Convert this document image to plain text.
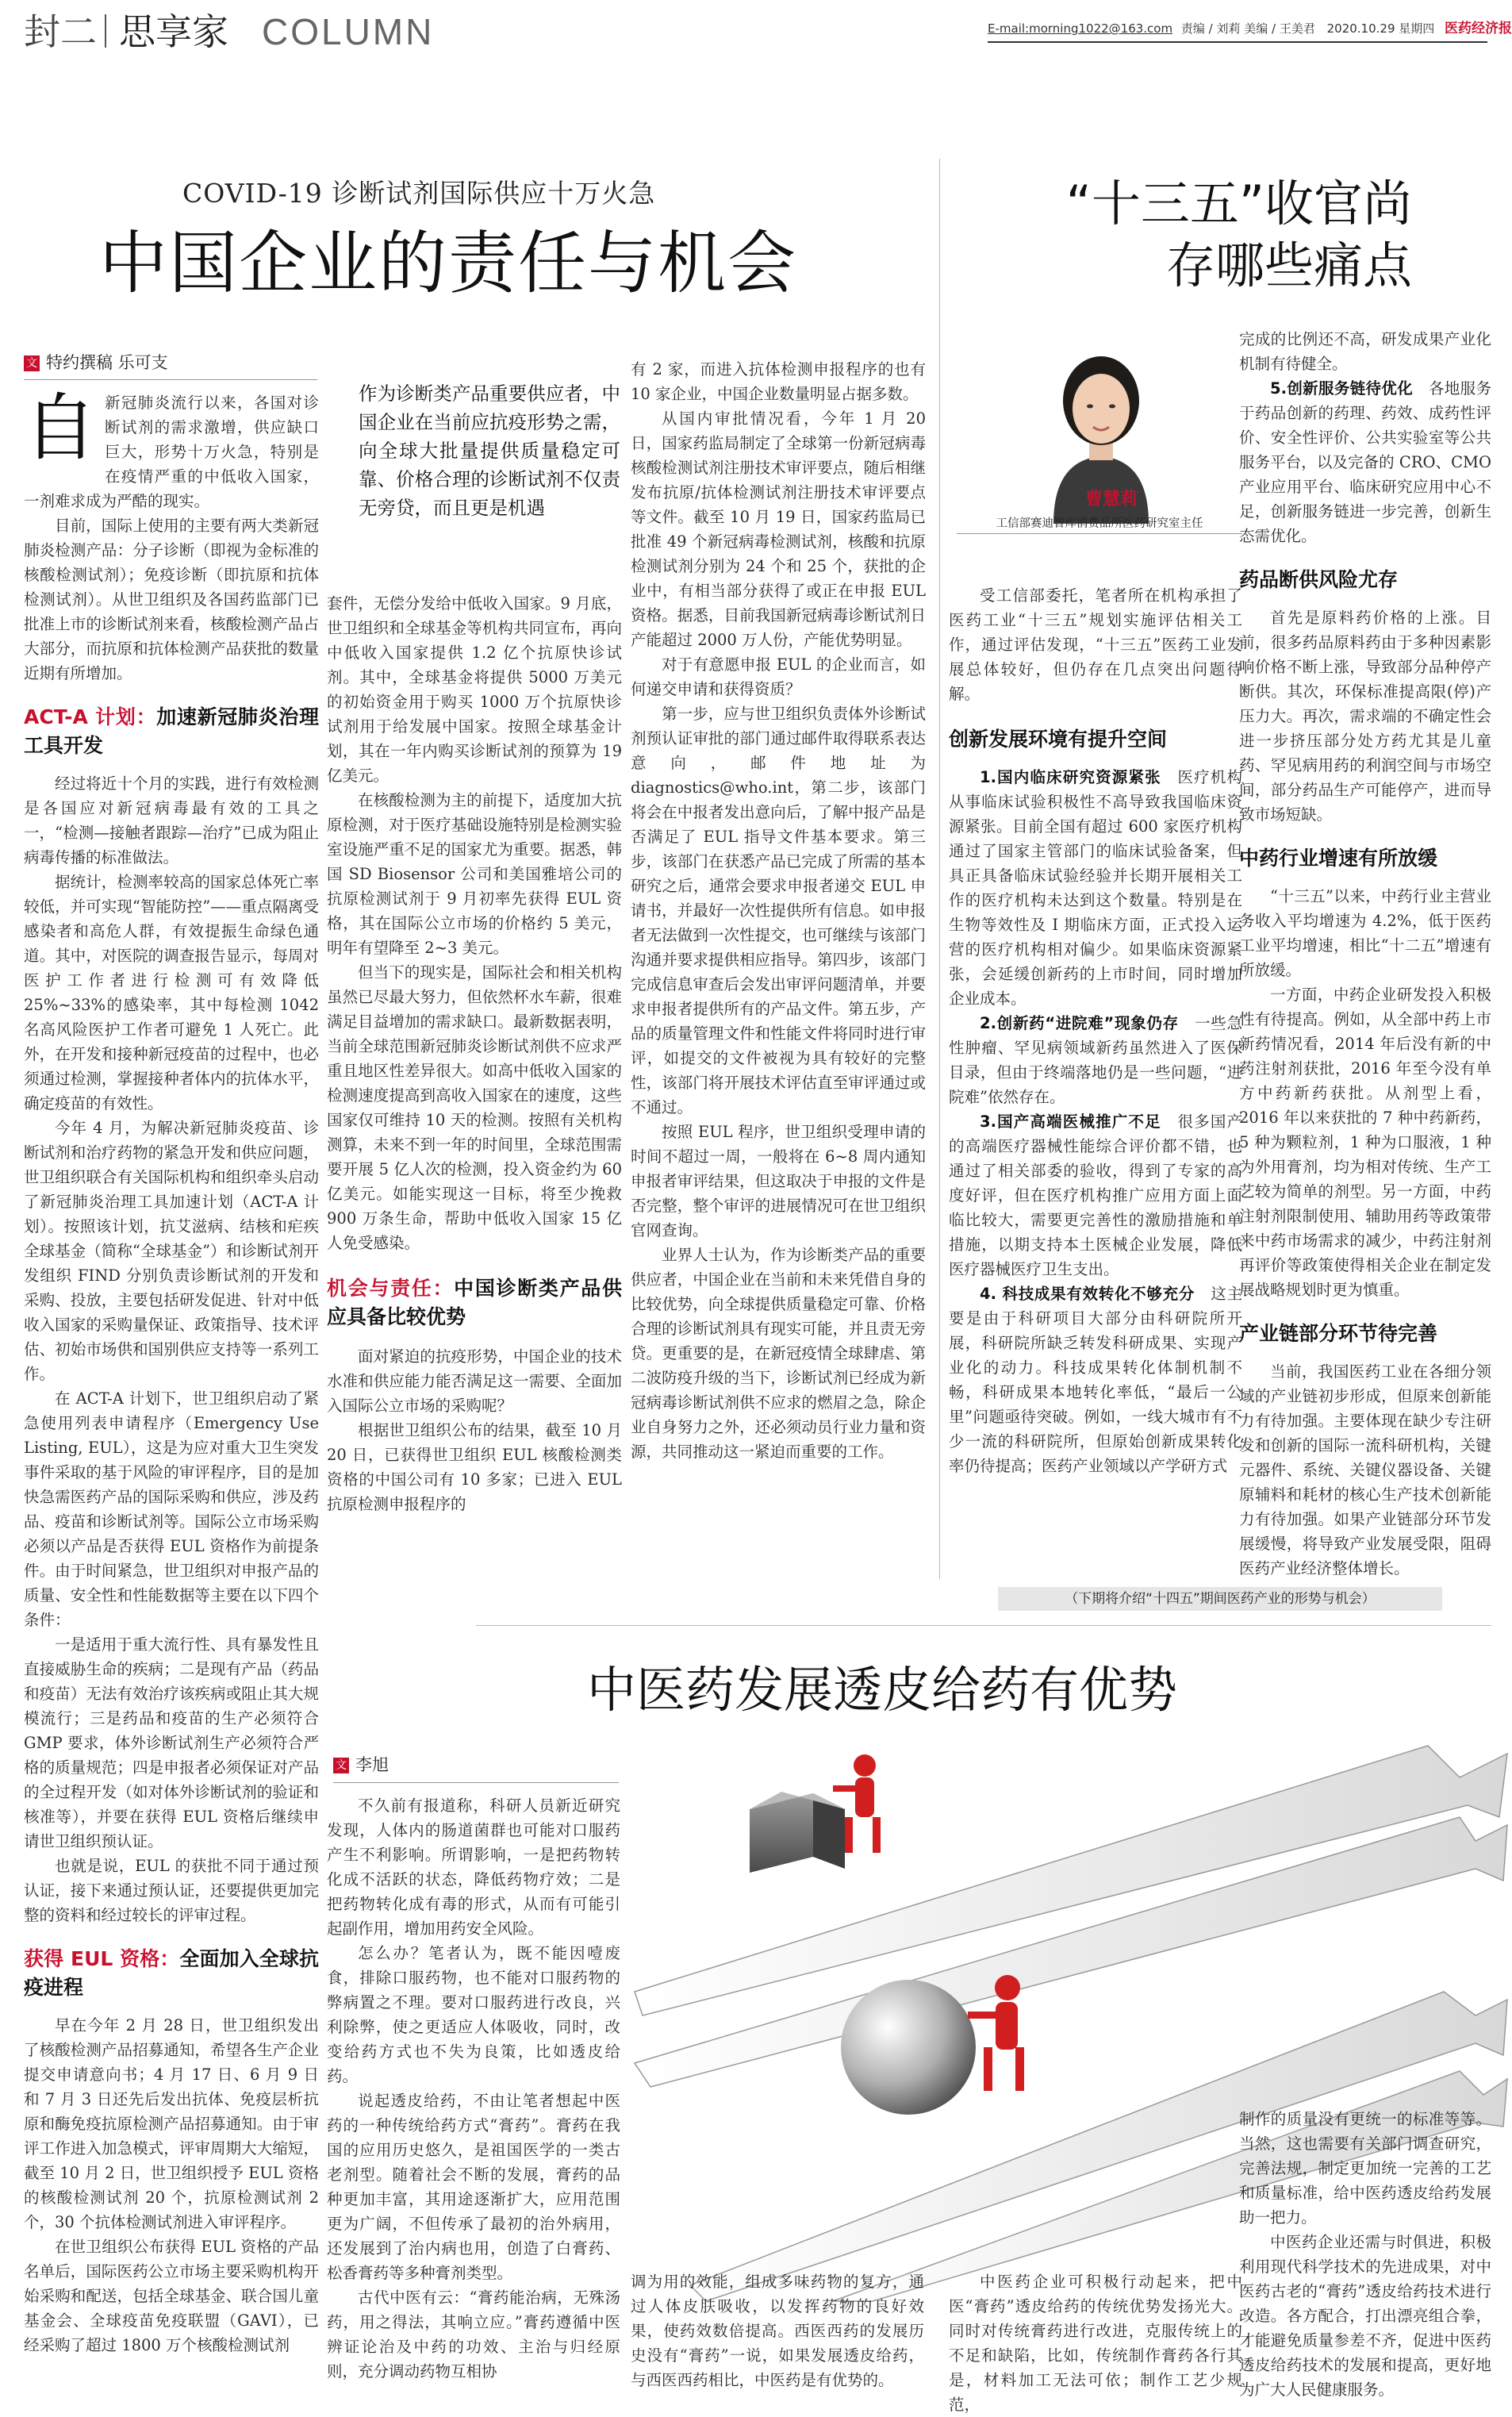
封二 思享家 COLUMN	E-mail:morning1022@163.com 责编 / 刘莉 美编 / 王美君 2020.10.29 星期四 医药经济报
COVID-19 诊断试剂国际供应十万火急
中国企业的责任与机会
文 特约撰稿 乐可支
自新冠肺炎流行以来，各国对诊断试剂的需求激增，供应缺口巨大，形势十万火急，特别是在疫情严重的中低收入国家，一剂难求成为严酷的现实。

目前，国际上使用的主要有两大类新冠肺炎检测产品：分子诊断（即视为金标准的核酸检测试剂）；免疫诊断（即抗原和抗体检测试剂）。从世卫组织及各国药监部门已批准上市的诊断试剂来看，核酸检测产品占大部分，而抗原和抗体检测产品获批的数量近期有所增加。

ACT-A 计划：加速新冠肺炎治理工具开发

经过将近十个月的实践，进行有效检测是各国应对新冠病毒最有效的工具之一，“检测—接触者跟踪—治疗”已成为阻止病毒传播的标准做法。

据统计，检测率较高的国家总体死亡率较低，并可实现“智能防控”——重点隔离受感染者和高危人群，有效提振生命绿色通道。其中，对医院的调查报告显示，每周对医护工作者进行检测可有效降低 25%~33%的感染率，其中每检测 1042 名高风险医护工作者可避免 1 人死亡。此外，在开发和接种新冠疫苗的过程中，也必须通过检测，掌握接种者体内的抗体水平，确定疫苗的有效性。

今年 4 月，为解决新冠肺炎疫苗、诊断试剂和治疗药物的紧急开发和供应问题，世卫组织联合有关国际机构和组织牵头启动了新冠肺炎治理工具加速计划（ACT-A 计划）。按照该计划，抗艾滋病、结核和疟疾全球基金（简称“全球基金”）和诊断试剂开发组织 FIND 分别负责诊断试剂的开发和采购、投放，主要包括研发促进、针对中低收入国家的采购量保证、政策指导、技术评估、初始市场供和国别供应支持等一系列工作。

在 ACT-A 计划下，世卫组织启动了紧急使用列表申请程序（Emergency Use Listing, EUL），这是为应对重大卫生突发事件采取的基于风险的审评程序，目的是加快急需医药产品的国际采购和供应，涉及药品、疫苗和诊断试剂等。国际公立市场采购必须以产品是否获得 EUL 资格作为前提条件。由于时间紧急，世卫组织对申报产品的质量、安全性和性能数据等主要在以下四个条件：

一是适用于重大流行性、具有暴发性且直接威胁生命的疾病；二是现有产品（药品和疫苗）无法有效治疗该疾病或阻止其大规模流行；三是药品和疫苗的生产必须符合 GMP 要求，体外诊断试剂生产必须符合严格的质量规范；四是申报者必须保证对产品的全过程开发（如对体外诊断试剂的验证和核准等），并要在获得 EUL 资格后继续申请世卫组织预认证。

也就是说，EUL 的获批不同于通过预认证，接下来通过预认证，还要提供更加完整的资料和经过较长的评审过程。

获得 EUL 资格：全面加入全球抗疫进程

早在今年 2 月 28 日，世卫组织发出了核酸检测产品招募通知，希望各生产企业提交申请意向书；4 月 17 日、6 月 9 日和 7 月 3 日还先后发出抗体、免疫层析抗原和酶免疫抗原检测产品招募通知。由于审评工作进入加急模式，评审周期大大缩短，截至 10 月 2 日，世卫组织授予 EUL 资格的核酸检测试剂 20 个，抗原检测试剂 2 个，30 个抗体检测试剂进入审评程序。

在世卫组织公布获得 EUL 资格的产品名单后，国际医药公立市场主要采购机构开始采购和配送，包括全球基金、联合国儿童基金会、全球疫苗免疫联盟（GAVI），已经采购了超过 1800 万个核酸检测试剂

作为诊断类产品重要供应者，中国企业在当前应抗疫形势之需，向全球大批量提供质量稳定可靠、价格合理的诊断试剂不仅责无旁贷，而且更是机遇

套件，无偿分发给中低收入国家。9 月底，世卫组织和全球基金等机构共同宣布，再向中低收入国家提供 1.2 亿个抗原快诊试剂。其中，全球基金将提供 5000 万美元的初始资金用于购买 1000 万个抗原快诊试剂用于给发展中国家。按照全球基金计划，其在一年内购买诊断试剂的预算为 19 亿美元。

在核酸检测为主的前提下，适度加大抗原检测，对于医疗基础设施特别是检测实验室设施严重不足的国家尤为重要。据悉，韩国 SD Biosensor 公司和美国雅培公司的抗原检测试剂于 9 月初率先获得 EUL 资格，其在国际公立市场的价格约 5 美元，明年有望降至 2~3 美元。

但当下的现实是，国际社会和相关机构虽然已尽最大努力，但依然杯水车薪，很难满足目益增加的需求缺口。最新数据表明，当前全球范围新冠肺炎诊断试剂供不应求严重且地区性差异很大。如高中低收入国家的检测速度提高到高收入国家在的速度，这些国家仅可维持 10 天的检测。按照有关机构测算，未来不到一年的时间里，全球范围需要开展 5 亿人次的检测，投入资金约为 60 亿美元。如能实现这一目标，将至少挽救 900 万条生命，帮助中低收入国家 15 亿人免受感染。

机会与责任：中国诊断类产品供应具备比较优势

面对紧迫的抗疫形势，中国企业的技术水准和供应能力能否满足这一需要、全面加入国际公立市场的采购呢？

根据世卫组织公布的结果，截至 10 月 20 日，已获得世卫组织 EUL 核酸检测类资格的中国公司有 10 多家；已进入 EUL 抗原检测申报程序的

有 2 家，而进入抗体检测申报程序的也有 10 家企业，中国企业数量明显占据多数。

从国内审批情况看，今年 1 月 20 日，国家药监局制定了全球第一份新冠病毒核酸检测试剂注册技术审评要点，随后相继发布抗原/抗体检测试剂注册技术审评要点等文件。截至 10 月 19 日，国家药监局已批准 49 个新冠病毒检测试剂，核酸和抗原检测试剂分别为 24 个和 25 个，获批的企业中，有相当部分获得了或正在申报 EUL 资格。据悉，目前我国新冠病毒诊断试剂日产能超过 2000 万人份，产能优势明显。

对于有意愿申报 EUL 的企业而言，如何递交申请和获得资质？

第一步，应与世卫组织负责体外诊断试剂预认证审批的部门通过邮件取得联系表达意向，邮件地址为 diagnostics@who.int，第二步，该部门将会在中报者发出意向后，了解中报产品是否满足了 EUL 指导文件基本要求。第三步，该部门在获悉产品已完成了所需的基本研究之后，通常会要求申报者递交 EUL 申请书，并最好一次性提供所有信息。如申报者无法做到一次性提交，也可继续与该部门沟通并要求提供相应指导。第四步，该部门完成信息审查后会发出审评问题清单，并要求申报者提供所有的产品文件。第五步，产品的质量管理文件和性能文件将同时进行审评，如提交的文件被视为具有较好的完整性，该部门将开展技术评估直至审评通过或不通过。

按照 EUL 程序，世卫组织受理申请的时间不超过一周，一般将在 6~8 周内通知申报者审评结果，但这取决于申报的文件是否完整，整个审评的进展情况可在世卫组织官网查询。

业界人士认为，作为诊断类产品的重要供应者，中国企业在当前和未来凭借自身的比较优势，向全球提供质量稳定可靠、价格合理的诊断试剂具有现实可能，并且责无旁贷。更重要的是，在新冠疫情全球肆虐、第二波防疫升级的当下，诊断试剂已经成为新冠病毒诊断试剂供不应求的燃眉之急，除企业自身努力之外，还必须动员行业力量和资源，共同推动这一紧迫而重要的工作。

“十三五”收官尚存哪些痛点
曹慧莉
工信部赛迪智库消费品所医药研究室主任

受工信部委托，笔者所在机构承担了医药工业“十三五”规划实施评估相关工作，通过评估发现，“十三五”医药工业发展总体较好，但仍存在几点突出问题待解。

创新发展环境有提升空间

1.国内临床研究资源紧张　 医疗机构从事临床试验积极性不高导致我国临床资源紧张。目前全国有超过 600 家医疗机构通过了国家主管部门的临床试验备案，但具正具备临床试验经验并长期开展相关工作的医疗机构未达到这个数量。特别是在生物等效性及 I 期临床方面，正式投入运营的医疗机构相对偏少。如果临床资源紧张，会延缓创新药的上市时间，同时增加企业成本。

2.创新药“进院难”现象仍存　 一些急性肿瘤、罕见病领域新药虽然进入了医保目录，但由于终端落地仍是一些问题，“进院难”依然存在。

3.国产高端医械推广不足　 很多国产的高端医疗器械性能综合评价都不错，也通过了相关部委的验收，得到了专家的高度好评，但在医疗机构推广应用方面上面临比较大，需要更完善性的激励措施和单措施，以期支持本土医械企业发展，降低医疗器械医疗卫生支出。

4. 科技成果有效转化不够充分　 这主要是由于科研项目大部分由科研院所开展，科研院所缺乏转发科研成果、实现产业化的动力。科技成果转化体制机制不畅，科研成果本地转化率低，“最后一公里”问题亟待突破。例如，一线大城市有不少一流的科研院所，但原始创新成果转化率仍待提高；医药产业领域以产学研方式

完成的比例还不高，研发成果产业化机制有待健全。

5.创新服务链待优化　 各地服务于药品创新的药理、药效、成药性评价、安全性评价、公共实验室等公共服务平台，以及完备的 CRO、CMO 产业应用平台、临床研究应用中心不足，创新服务链进一步完善，创新生态需优化。

药品断供风险尤存

首先是原料药价格的上涨。目前，很多药品原料药由于多种因素影响价格不断上涨，导致部分品种停产断供。其次，环保标准提高限(停)产压力大。再次，需求端的不确定性会进一步挤压部分处方药尤其是儿童药、罕见病用药的利润空间与市场空间，部分药品生产可能停产，进而导致市场短缺。

中药行业增速有所放缓

“十三五”以来，中药行业主营业务收入平均增速为 4.2%，低于医药工业平均增速，相比“十二五”增速有所放缓。

一方面，中药企业研发投入积极性有待提高。例如，从全部中药上市新药情况看，2014 年后没有新的中药注射剂获批，2016 年至今没有单方中药新药获批。从剂型上看，2016 年以来获批的 7 种中药新药，5 种为颗粒剂，1 种为口服液，1 种为外用膏剂，均为相对传统、生产工艺较为简单的剂型。另一方面，中药注射剂限制使用、辅助用药等政策带来中药市场需求的减少，中药注射剂再评价等政策使得相关企业在制定发展战略规划时更为慎重。

产业链部分环节待完善

当前，我国医药工业在各细分领域的产业链初步形成，但原来创新能力有待加强。主要体现在缺少专注研发和创新的国际一流科研机构，关键元器件、系统、关键仪器设备、关键原辅料和耗材的核心生产技术创新能力有待加强。如果产业链部分环节发展缓慢，将导致产业发展受限，阻碍医药产业经济整体增长。

（下期将介绍“十四五”期间医药产业的形势与机会）
中医药发展透皮给药有优势
文 李旭

不久前有报道称，科研人员新近研究发现，人体内的肠道菌群也可能对口服药产生不利影响。所谓影响，一是把药物转化成不活跃的状态，降低药物疗效；二是把药物转化成有毒的形式，从而有可能引起副作用，增加用药安全风险。

怎么办？笔者认为，既不能因噎废食，排除口服药物，也不能对口服药物的弊病置之不理。要对口服药进行改良，兴利除弊，使之更适应人体吸收，同时，改变给药方式也不失为良策，比如透皮给药。

说起透皮给药，不由让笔者想起中医药的一种传统给药方式“膏药”。膏药在我国的应用历史悠久，是祖国医学的一类古老剂型。随着社会不断的发展，膏药的品种更加丰富，其用途逐渐扩大，应用范围更为广阔，不但传承了最初的治外病用，还发展到了治内病也用，创造了白膏药、松香膏药等多种膏剂类型。

古代中医有云：“膏药能治病，无殊汤药，用之得法，其响立应。”膏药遵循中医辨证论治及中药的功效、主治与归经原则，充分调动药物互相协

调为用的效能，组成多味药物的复方，通过人体皮肤吸收，以发挥药物的良好效果，使药效数倍提高。西医西药的发展历史没有“膏药”一说，如果发展透皮给药，与西医西药相比，中医药是有优势的。

中医药企业可积极行动起来，把中医“膏药”透皮给药的传统优势发扬光大。同时对传统膏药进行改进，克服传统上的不足和缺陷，比如，传统制作膏药各行其是，材料加工无法可依；制作工艺少规范，

制作的质量没有更统一的标准等等。当然，这也需要有关部门调查研究，完善法规，制定更加统一完善的工艺和质量标准，给中医药透皮给药发展助一把力。

中医药企业还需与时俱进，积极利用现代科学技术的先进成果，对中医药古老的“膏药”透皮给药技术进行改造。各方配合，打出漂亮组合拳，才能避免质量参差不齐，促进中医药透皮给药技术的发展和提高，更好地为广大人民健康服务。
